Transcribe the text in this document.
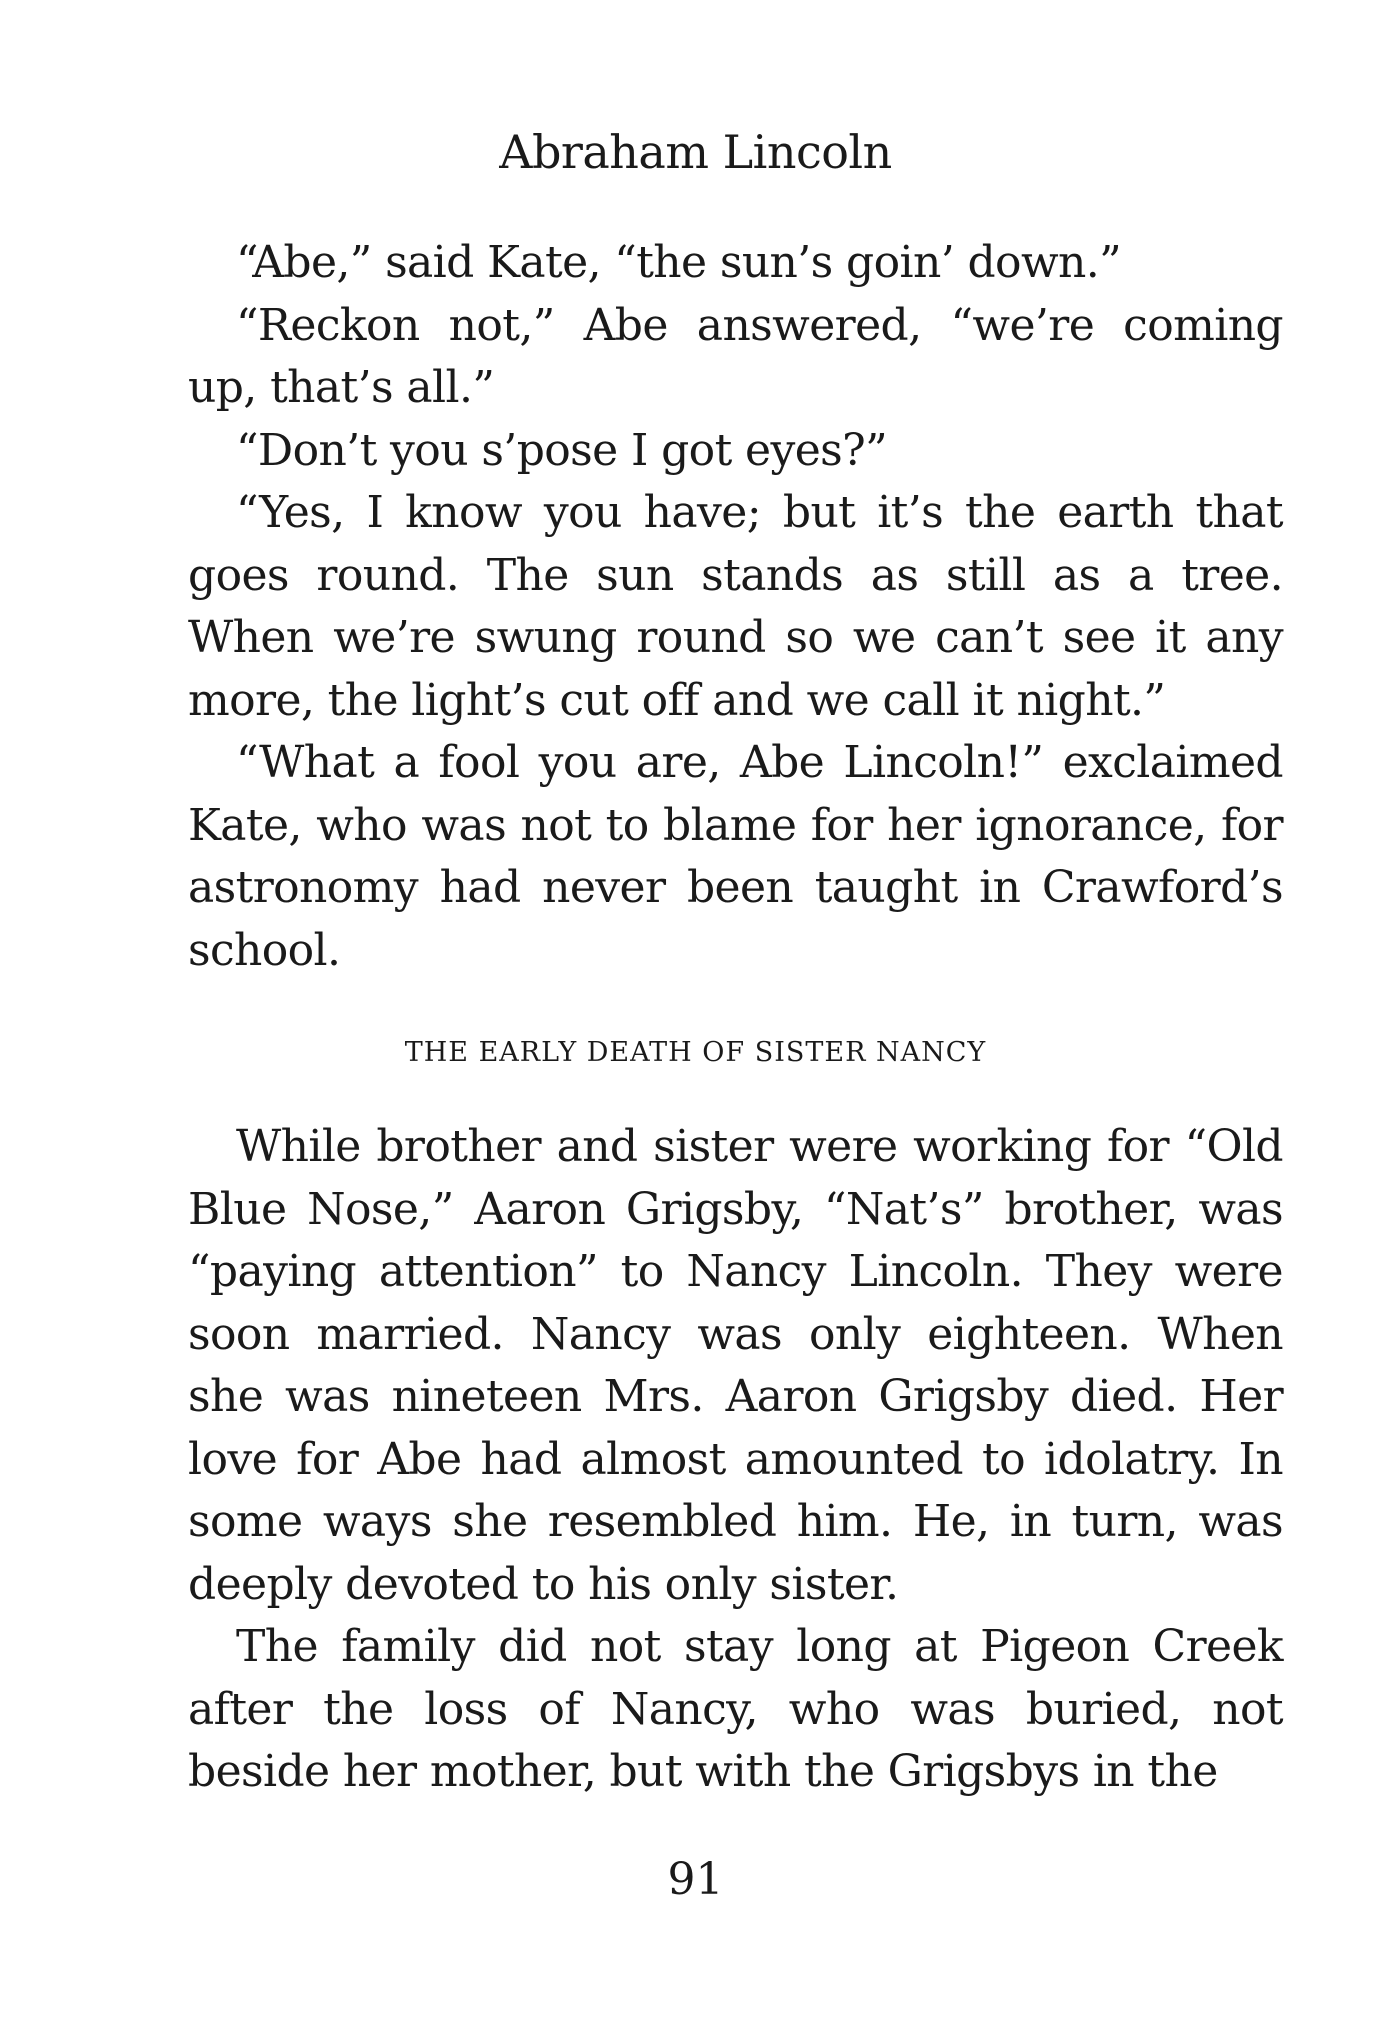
Abraham Lincoln

“Abe,” said Kate, “the sun’s goin’ down.”

“Reckon not,” Abe answered, “we’re coming up, that’s all.”

“Don’t you s’pose I got eyes?”

“Yes, I know you have; but it’s the earth that goes round. The sun stands as still as a tree. When we’re swung round so we can’t see it any more, the light’s cut off and we call it night.”

“What a fool you are, Abe Lincoln!” exclaimed Kate, who was not to blame for her ignorance, for astronomy had never been taught in Crawford’s school.

THE EARLY DEATH OF SISTER NANCY

While brother and sister were working for “Old Blue Nose,” Aaron Grigsby, “Nat’s” brother, was “paying attention” to Nancy Lincoln. They were soon married. Nancy was only eighteen. When she was nineteen Mrs. Aaron Grigsby died. Her love for Abe had almost amounted to idolatry. In some ways she resembled him. He, in turn, was deeply devoted to his only sister.

The family did not stay long at Pigeon Creek after the loss of Nancy, who was buried, not beside her mother, but with the Grigsbys in the

91
